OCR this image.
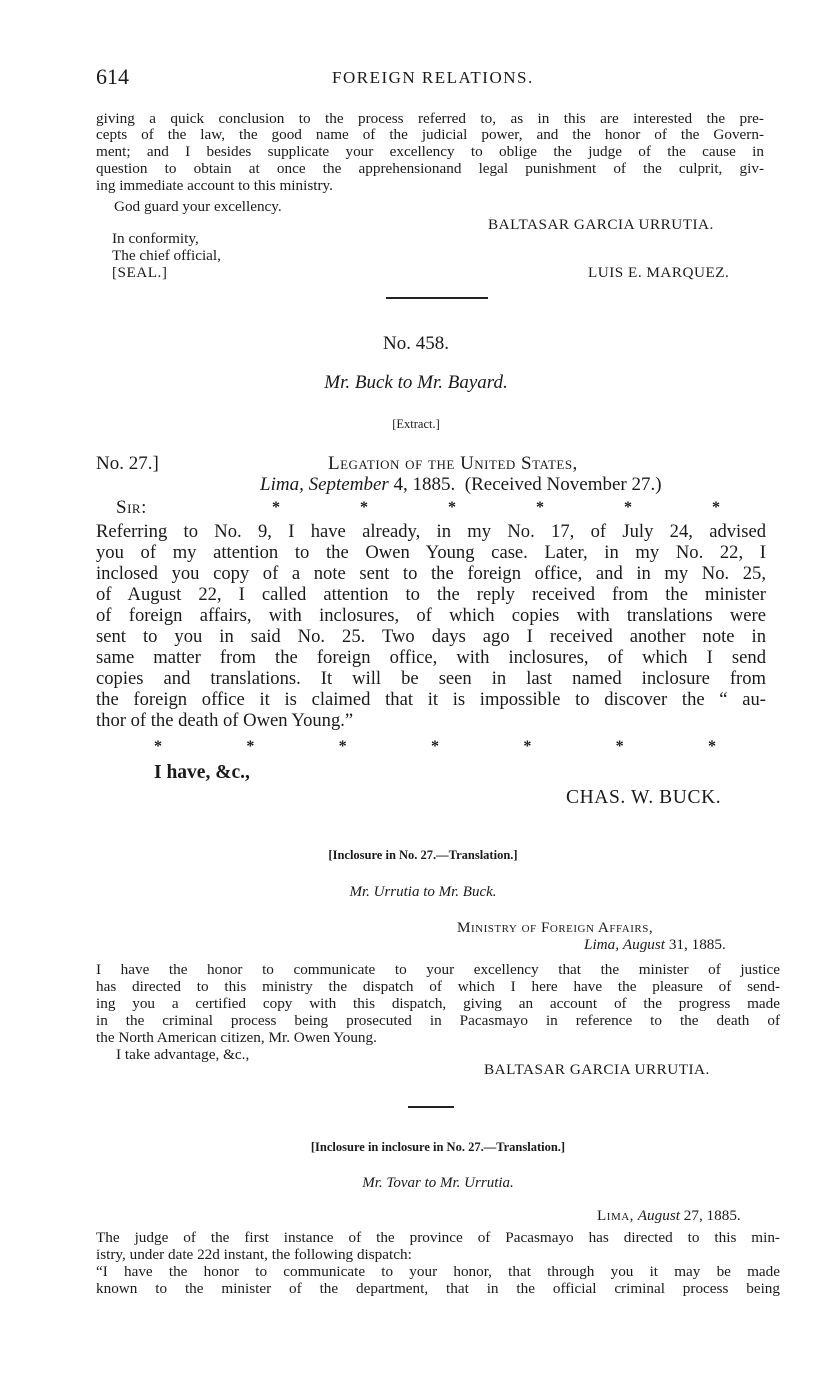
614	FOREIGN RELATIONS.
giving a quick conclusion to the process referred to, as in this are interested the pre-
cepts of the law, the good name of the judicial power, and the honor of the Govern-
ment; and I besides supplicate your excellency to oblige the judge of the cause in
question to obtain at once the apprehensionand legal punishment of the culprit, giv-
ing immediate account to this ministry.
God guard your excellency.
BALTASAR GARCIA URRUTIA.
In conformity,
The chief official,
[SEAL.]	LUIS E. MARQUEZ.
No. 458.
Mr. Buck to Mr. Bayard.
[Extract.]
No. 27.]	Legation of the United States,
Lima, September 4, 1885. (Received November 27.)
Sir:	*	*	*	*	*	*
Referring to No. 9, I have already, in my No. 17, of July 24, advised
you of my attention to the Owen Young case. Later, in my No. 22, I
inclosed you copy of a note sent to the foreign office, and in my No. 25,
of August 22, I called attention to the reply received from the minister
of foreign affairs, with inclosures, of which copies with translations were
sent to you in said No. 25. Two days ago I received another note in
same matter from the foreign office, with inclosures, of which I send
copies and translations. It will be seen in last named inclosure from
the foreign office it is claimed that it is impossible to discover the “ au-
thor of the death of Owen Young.”
*	*	*	*	*	*	*
I have, &c.,
CHAS. W. BUCK.
[Inclosure in No. 27.—Translation.]
Mr. Urrutia to Mr. Buck.
Ministry of Foreign Affairs,
Lima, August 31, 1885.
I have the honor to communicate to your excellency that the minister of justice
has directed to this ministry the dispatch of which I here have the pleasure of send-
ing you a certified copy with this dispatch, giving an account of the progress made
in the criminal process being prosecuted in Pacasmayo in reference to the death of
the North American citizen, Mr. Owen Young.
I take advantage, &c.,
BALTASAR GARCIA URRUTIA.
[Inclosure in inclosure in No. 27.—Translation.]
Mr. Tovar to Mr. Urrutia.
Lima, August 27, 1885.
The judge of the first instance of the province of Pacasmayo has directed to this min-
istry, under date 22d instant, the following dispatch:
“I have the honor to communicate to your honor, that through you it may be made
known to the minister of the department, that in the official criminal process being
